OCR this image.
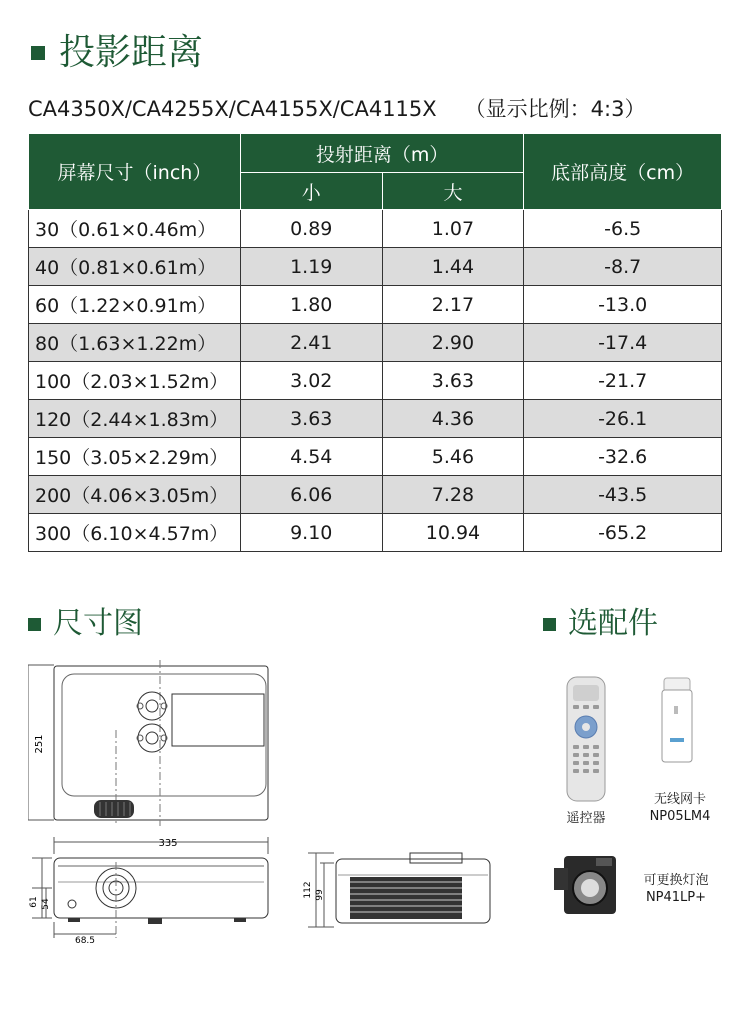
投影距离
CA4350X/CA4255X/CA4155X/CA4115X （显示比例：4:3）
屏幕尺寸（inch）	投射距离（m）		底部高度（cm）
	小	大	
30（0.61×0.46m）	0.89	1.07	-6.5
40（0.81×0.61m）	1.19	1.44	-8.7
60（1.22×0.91m）	1.80	2.17	-13.0
80（1.63×1.22m）	2.41	2.90	-17.4
100（2.03×1.52m）	3.02	3.63	-21.7
120（2.44×1.83m）	3.63	4.36	-26.1
150（3.05×2.29m）	4.54	5.46	-32.6
200（4.06×3.05m）	6.06	7.28	-43.5
300（6.10×4.57m）	9.10	10.94	-65.2
尺寸图	选配件
251
335
61 54
68.5
112 99
遥控器
无线网卡
NP05LM4
可更换灯泡
NP41LP+
